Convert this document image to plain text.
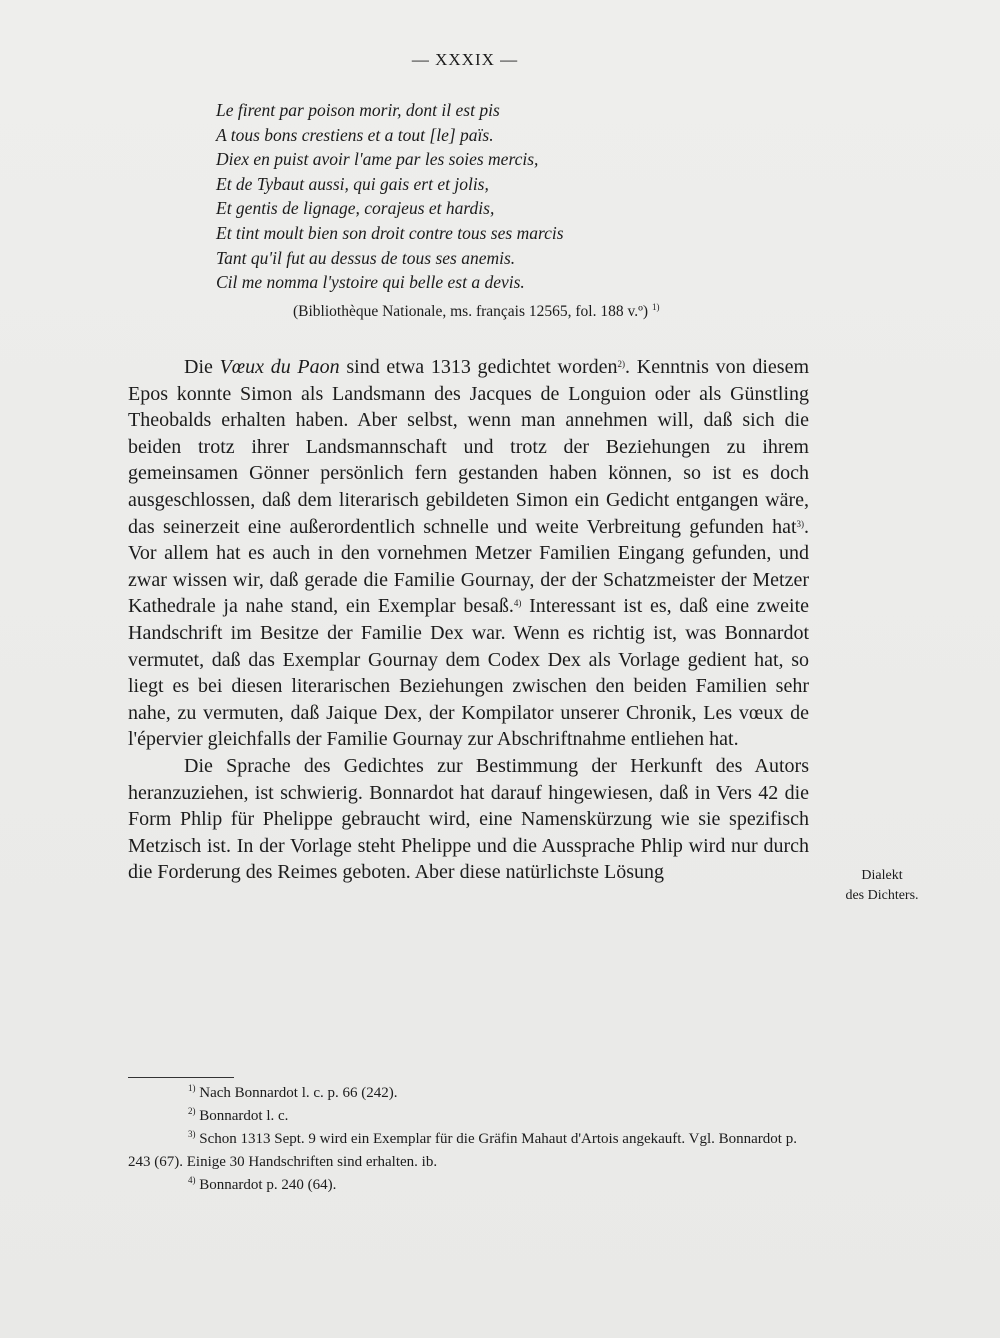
— XXXIX —
Le firent par poison morir, dont il est pis
A tous bons crestiens et a tout [le] païs.
Diex en puist avoir l'ame par les soies mercis,
Et de Tybaut aussi, qui gais ert et jolis,
Et gentis de lignage, corajeus et hardis,
Et tint moult bien son droit contre tous ses marcis
Tant qu'il fut au dessus de tous ses anemis.
Cil me nomma l'ystoire qui belle est a devis.
(Bibliothèque Nationale, ms. français 12565, fol. 188 v.º) $^{1)}$

Die Vœux du Paon sind etwa 1313 gedichtet worden$^{2)}$. Kenntnis von diesem Epos konnte Simon als Landsmann des Jacques de Longuion oder als Günstling Theobalds erhalten haben. Aber selbst, wenn man annehmen will, daß sich die beiden trotz ihrer Landsmannschaft und trotz der Beziehungen zu ihrem gemeinsamen Gönner persönlich fern gestanden haben können, so ist es doch ausgeschlossen, daß dem literarisch gebildeten Simon ein Gedicht entgangen wäre, das seinerzeit eine außerordentlich schnelle und weite Verbreitung gefunden hat$^{3)}$. Vor allem hat es auch in den vornehmen Metzer Familien Eingang gefunden, und zwar wissen wir, daß gerade die Familie Gournay, der der Schatzmeister der Metzer Kathedrale ja nahe stand, ein Exemplar besaß.$^{4)}$ Interessant ist es, daß eine zweite Handschrift im Besitze der Familie Dex war. Wenn es richtig ist, was Bonnardot vermutet, daß das Exemplar Gournay dem Codex Dex als Vorlage gedient hat, so liegt es bei diesen literarischen Beziehungen zwischen den beiden Familien sehr nahe, zu vermuten, daß Jaique Dex, der Kompilator unserer Chronik, Les vœux de l'épervier gleichfalls der Familie Gournay zur Abschriftnahme entliehen hat.

Die Sprache des Gedichtes zur Bestimmung der Herkunft des Autors heranzuziehen, ist schwierig. Bonnardot hat darauf hingewiesen, daß in Vers 42 die Form Phlip für Phelippe gebraucht wird, eine Namenskürzung wie sie spezifisch Metzisch ist. In der Vorlage steht Phelippe und die Aussprache Phlip wird nur durch die Forderung des Reimes geboten. Aber diese natürlichste Lösung	Dialekt
des Dichters.
$^{1)}$ Nach Bonnardot l. c. p. 66 (242).
$^{2)}$ Bonnardot l. c.
$^{3)}$ Schon 1313 Sept. 9 wird ein Exemplar für die Gräfin Mahaut d'Artois angekauft. Vgl. Bonnardot p. 243 (67). Einige 30 Handschriften sind erhalten. ib.
$^{4)}$ Bonnardot p. 240 (64).
